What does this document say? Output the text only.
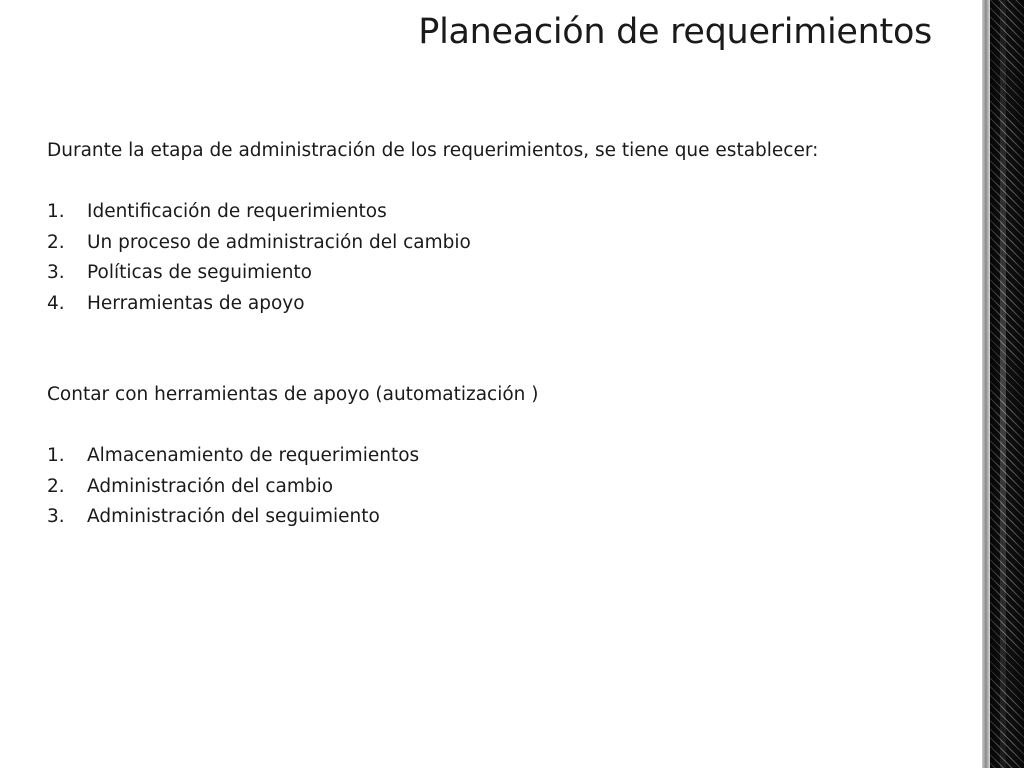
Planeación de requerimientos

Durante la etapa de administración de los requerimientos, se tiene que establecer:

1. Identificación de requerimientos
2. Un proceso de administración del cambio
3. Políticas de seguimiento
4. Herramientas de apoyo

Contar con herramientas de apoyo (automatización )

1. Almacenamiento de requerimientos
2. Administración del cambio
3. Administración del seguimiento
